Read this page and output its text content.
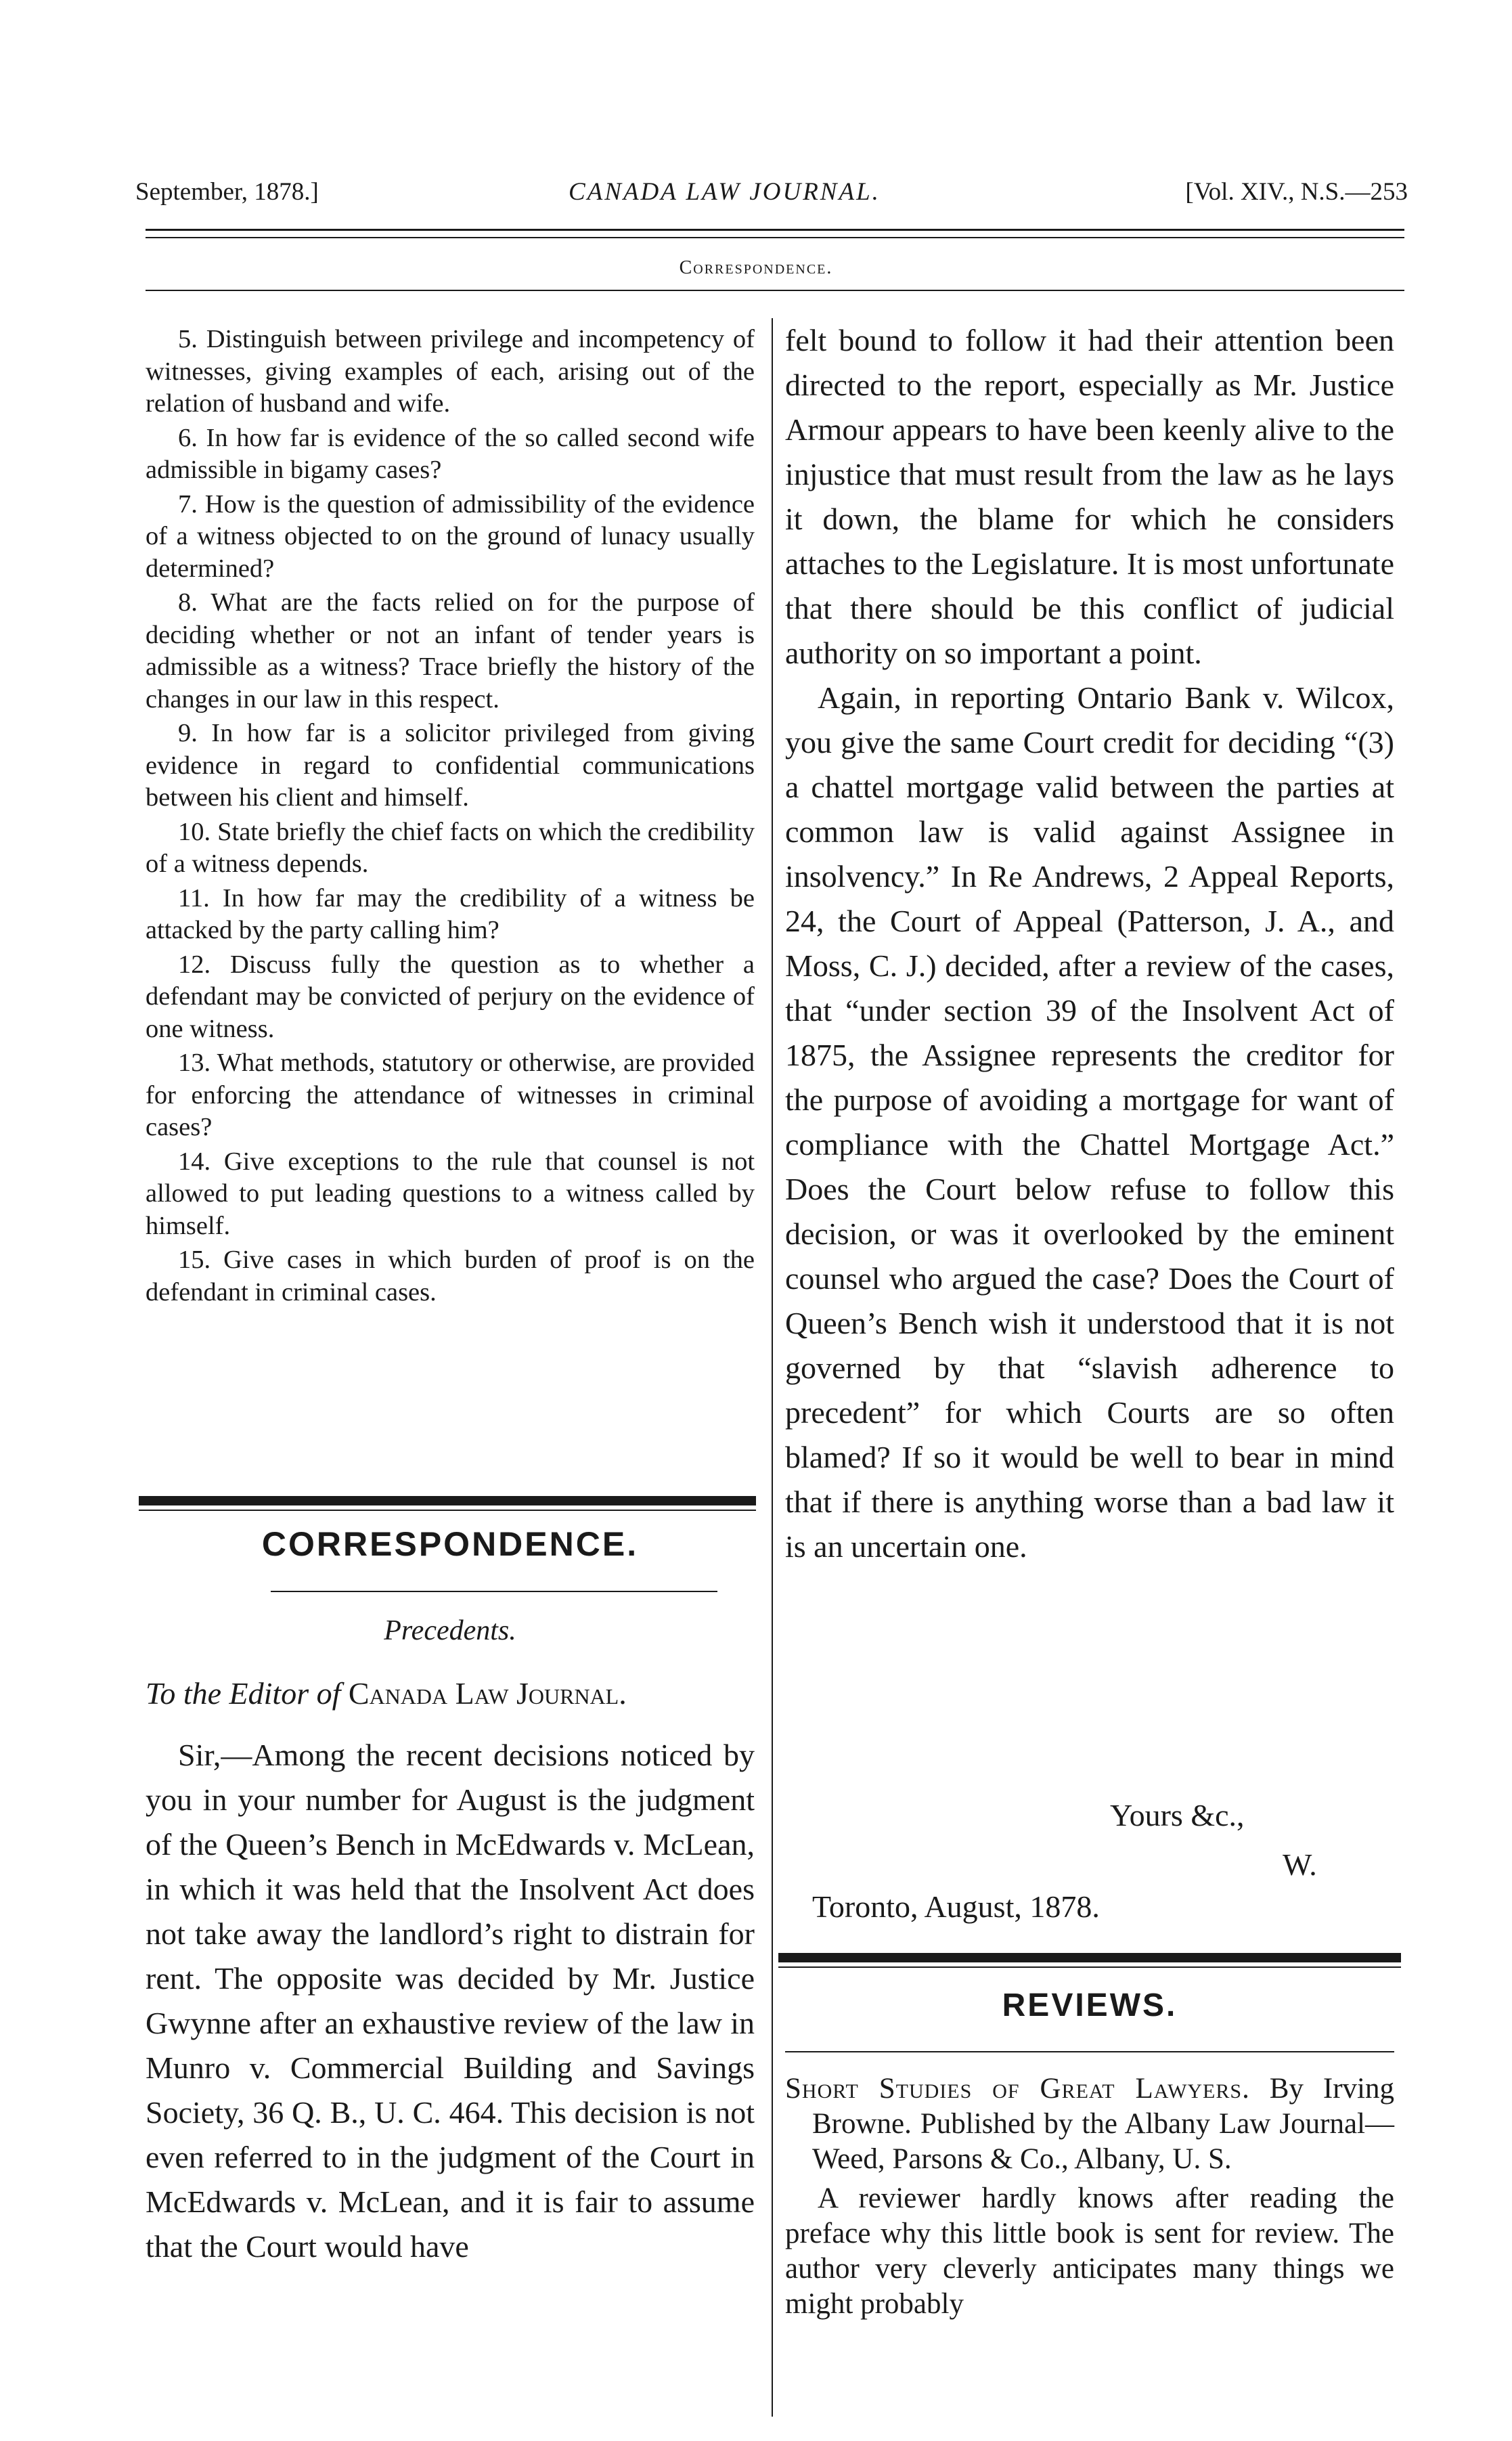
September, 1878.]	CANADA LAW JOURNAL.	[Vol. XIV., N.S.—253
Correspondence.

5. Distinguish between privilege and incompetency of witnesses, giving examples of each, arising out of the relation of husband and wife.

6. In how far is evidence of the so called second wife admissible in bigamy cases?

7. How is the question of admissibility of the evidence of a witness objected to on the ground of lunacy usually determined?

8. What are the facts relied on for the purpose of deciding whether or not an infant of tender years is admissible as a witness? Trace briefly the history of the changes in our law in this respect.

9. In how far is a solicitor privileged from giving evidence in regard to confidential communications between his client and himself.

10. State briefly the chief facts on which the credibility of a witness depends.

11. In how far may the credibility of a witness be attacked by the party calling him?

12. Discuss fully the question as to whether a defendant may be convicted of perjury on the evidence of one witness.

13. What methods, statutory or otherwise, are provided for enforcing the attendance of witnesses in criminal cases?

14. Give exceptions to the rule that counsel is not allowed to put leading questions to a witness called by himself.

15. Give cases in which burden of proof is on the defendant in criminal cases.

CORRESPONDENCE.
Precedents.
To the Editor of Canada Law Journal.

Sir,—Among the recent decisions noticed by you in your number for August is the judgment of the Queen’s Bench in McEdwards v. McLean, in which it was held that the Insolvent Act does not take away the landlord’s right to distrain for rent. The opposite was decided by Mr. Justice Gwynne after an exhaustive review of the law in Munro v. Commercial Building and Savings Society, 36 Q. B., U. C. 464. This decision is not even referred to in the judgment of the Court in McEdwards v. McLean, and it is fair to assume that the Court would have

felt bound to follow it had their attention been directed to the report, especially as Mr. Justice Armour appears to have been keenly alive to the injustice that must result from the law as he lays it down, the blame for which he considers attaches to the Legislature. It is most unfortunate that there should be this conflict of judicial authority on so important a point.

Again, in reporting Ontario Bank v. Wilcox, you give the same Court credit for deciding “(3) a chattel mortgage valid between the parties at common law is valid against Assignee in insolvency.” In Re Andrews, 2 Appeal Reports, 24, the Court of Appeal (Patterson, J. A., and Moss, C. J.) decided, after a review of the cases, that “under section 39 of the Insolvent Act of 1875, the Assignee represents the creditor for the purpose of avoiding a mortgage for want of compliance with the Chattel Mortgage Act.” Does the Court below refuse to follow this decision, or was it overlooked by the eminent counsel who argued the case? Does the Court of Queen’s Bench wish it understood that it is not governed by that “slavish adherence to precedent” for which Courts are so often blamed? If so it would be well to bear in mind that if there is anything worse than a bad law it is an uncertain one.

Yours &c.,
W.
Toronto, August, 1878.
REVIEWS.

Short Studies of Great Lawyers. By Irving Browne. Published by the Albany Law Journal—Weed, Parsons & Co., Albany, U. S.

A reviewer hardly knows after reading the preface why this little book is sent for review. The author very cleverly anticipates many things we might probably
